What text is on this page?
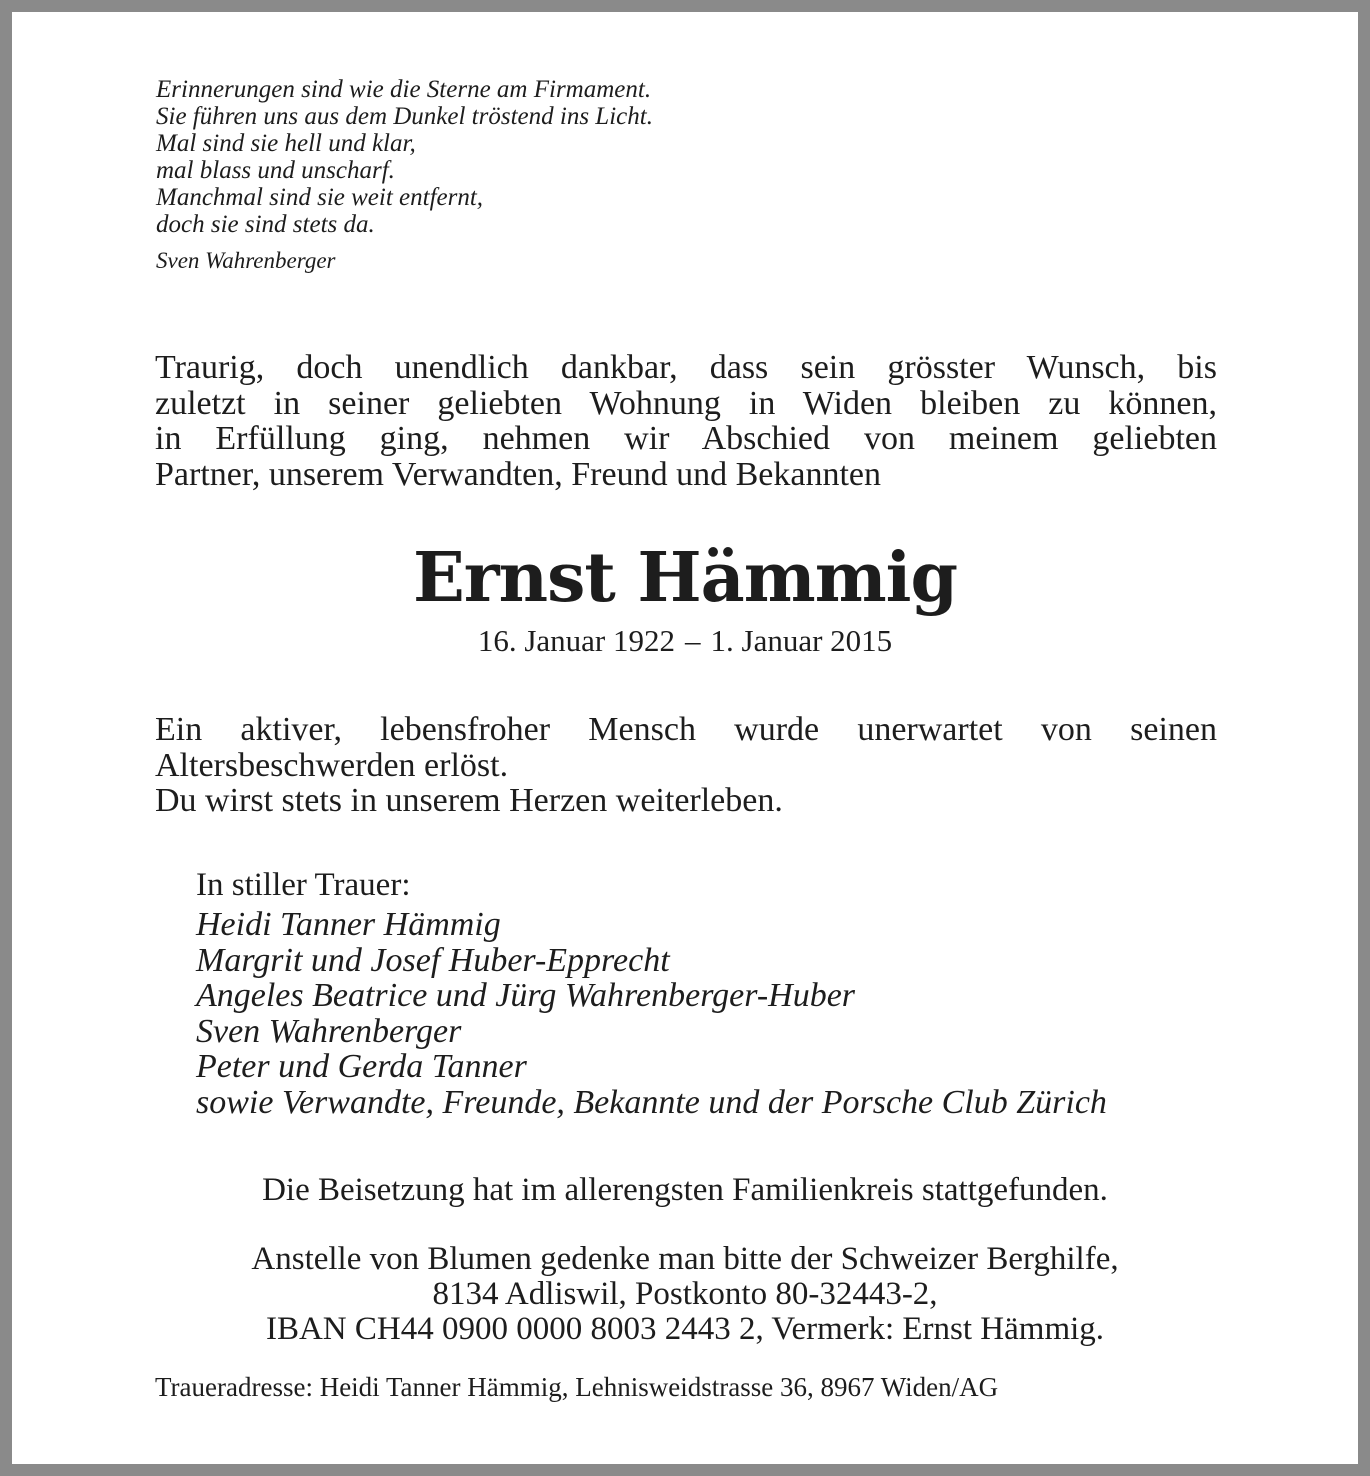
Erinnerungen sind wie die Sterne am Firmament.
Sie führen uns aus dem Dunkel tröstend ins Licht.
Mal sind sie hell und klar,
mal blass und unscharf.
Manchmal sind sie weit entfernt,
doch sie sind stets da.
Sven Wahrenberger
Traurig, doch unendlich dankbar, dass sein grösster Wunsch, bis
zuletzt in seiner geliebten Wohnung in Widen bleiben zu können,
in Erfüllung ging, nehmen wir Abschied von meinem geliebten
Partner, unserem Verwandten, Freund und Bekannten
Ernst Hämmig
16. Januar 1922 – 1. Januar 2015
Ein aktiver, lebensfroher Mensch wurde unerwartet von seinen
Altersbeschwerden erlöst.
Du wirst stets in unserem Herzen weiterleben.
In stiller Trauer:
Heidi Tanner Hämmig
Margrit und Josef Huber-Epprecht
Angeles Beatrice und Jürg Wahrenberger-Huber
Sven Wahrenberger
Peter und Gerda Tanner
sowie Verwandte, Freunde, Bekannte und der Porsche Club Zürich
Die Beisetzung hat im allerengsten Familienkreis stattgefunden.
Anstelle von Blumen gedenke man bitte der Schweizer Berghilfe,
8134 Adliswil, Postkonto 80-32443-2,
IBAN CH44 0900 0000 8003 2443 2, Vermerk: Ernst Hämmig.
Traueradresse: Heidi Tanner Hämmig, Lehnisweidstrasse 36, 8967 Widen/AG
